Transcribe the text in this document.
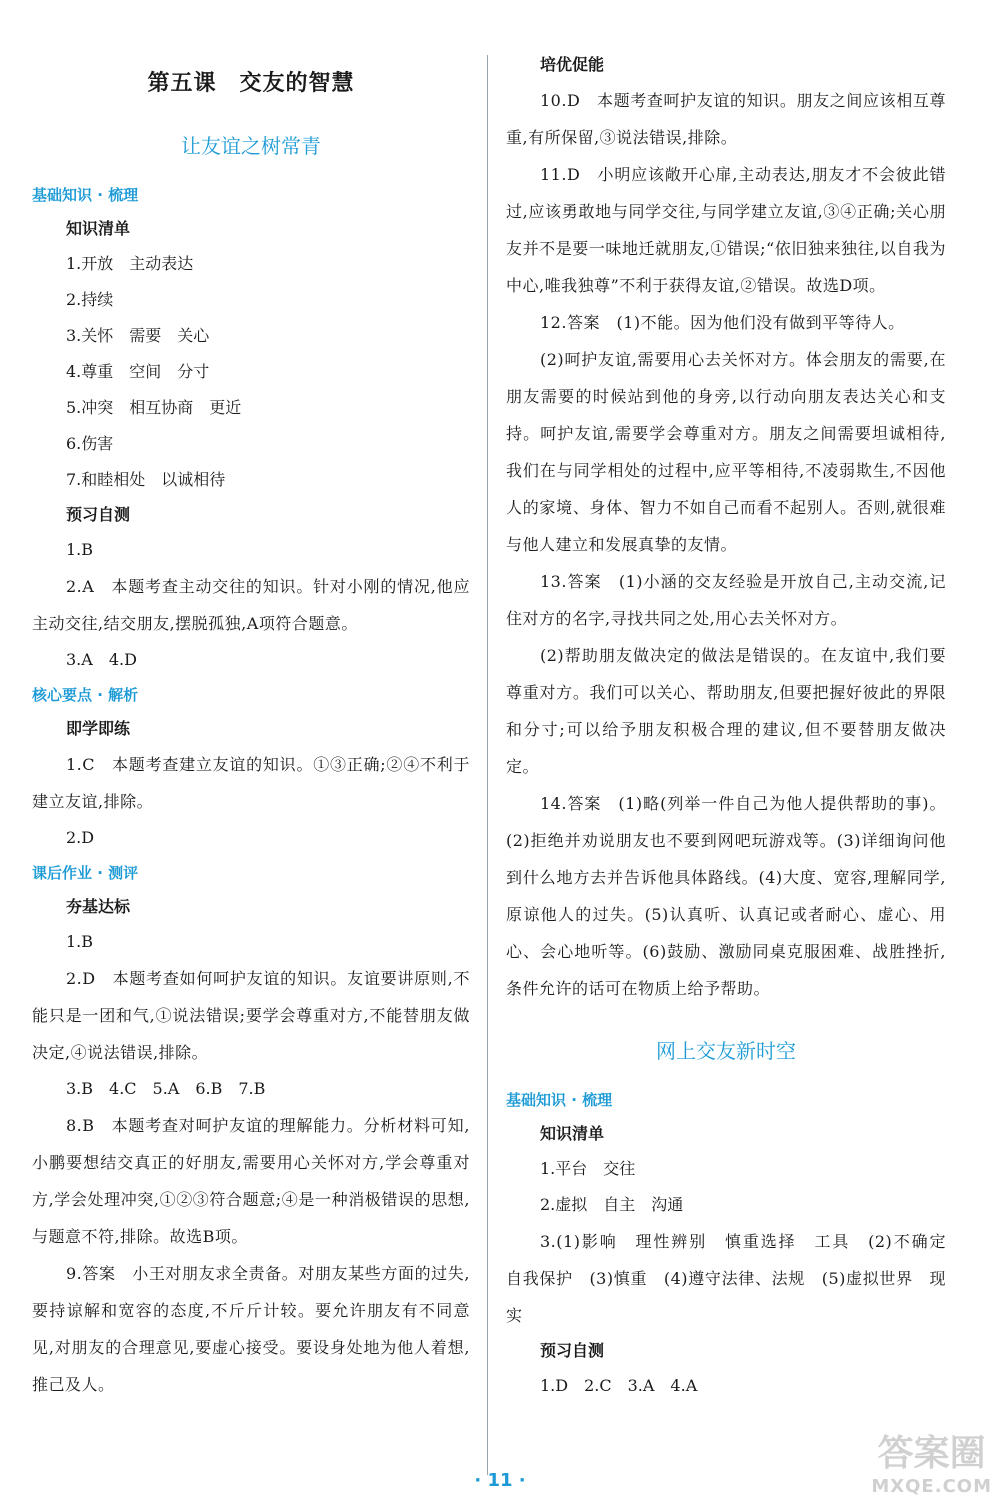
第五课　交友的智慧
让友谊之树常青
基础知识 · 梳理
知识清单
1.开放　主动表达
2.持续
3.关怀　需要　关心
4.尊重　空间　分寸
5.冲突　相互协商　更近
6.伤害
7.和睦相处　以诚相待
预习自测
1.B

2.A　本题考查主动交往的知识。针对小刚的情况,他应主动交往,结交朋友,摆脱孤独,A项符合题意。

3.A　4.D
核心要点 · 解析
即学即练

1.C　本题考查建立友谊的知识。①③正确;②④不利于建立友谊,排除。

2.D
课后作业 · 测评
夯基达标
1.B

2.D　本题考查如何呵护友谊的知识。友谊要讲原则,不能只是一团和气,①说法错误;要学会尊重对方,不能替朋友做决定,④说法错误,排除。

3.B　4.C　5.A　6.B　7.B

8.B　本题考查对呵护友谊的理解能力。分析材料可知,小鹏要想结交真正的好朋友,需要用心关怀对方,学会尊重对方,学会处理冲突,①②③符合题意;④是一种消极错误的思想,与题意不符,排除。故选B项。

9.答案　小王对朋友求全责备。对朋友某些方面的过失,要持谅解和宽容的态度,不斤斤计较。要允许朋友有不同意见,对朋友的合理意见,要虚心接受。要设身处地为他人着想,推己及人。

培优促能

10.D　本题考查呵护友谊的知识。朋友之间应该相互尊重,有所保留,③说法错误,排除。

11.D　小明应该敞开心扉,主动表达,朋友才不会彼此错过,应该勇敢地与同学交往,与同学建立友谊,③④正确;关心朋友并不是要一味地迁就朋友,①错误;“依旧独来独往,以自我为中心,唯我独尊”不利于获得友谊,②错误。故选D项。

12.答案　(1)不能。因为他们没有做到平等待人。

(2)呵护友谊,需要用心去关怀对方。体会朋友的需要,在朋友需要的时候站到他的身旁,以行动向朋友表达关心和支持。呵护友谊,需要学会尊重对方。朋友之间需要坦诚相待,我们在与同学相处的过程中,应平等相待,不凌弱欺生,不因他人的家境、身体、智力不如自己而看不起别人。否则,就很难与他人建立和发展真挚的友情。

13.答案　(1)小涵的交友经验是开放自己,主动交流,记住对方的名字,寻找共同之处,用心去关怀对方。

(2)帮助朋友做决定的做法是错误的。在友谊中,我们要尊重对方。我们可以关心、帮助朋友,但要把握好彼此的界限和分寸;可以给予朋友积极合理的建议,但不要替朋友做决定。

14.答案　(1)略(列举一件自己为他人提供帮助的事)。(2)拒绝并劝说朋友也不要到网吧玩游戏等。(3)详细询问他到什么地方去并告诉他具体路线。(4)大度、宽容,理解同学,原谅他人的过失。(5)认真听、认真记或者耐心、虚心、用心、会心地听等。(6)鼓励、激励同桌克服困难、战胜挫折,条件允许的话可在物质上给予帮助。

网上交友新时空
基础知识 · 梳理
知识清单
1.平台　交往
2.虚拟　自主　沟通

3.(1)影响　理性辨别　慎重选择　工具　(2)不确定　自我保护　(3)慎重　(4)遵守法律、法规　(5)虚拟世界　现实

预习自测
1.D　2.C　3.A　4.A
· 11 ·
答案圈
MXQE.COM
